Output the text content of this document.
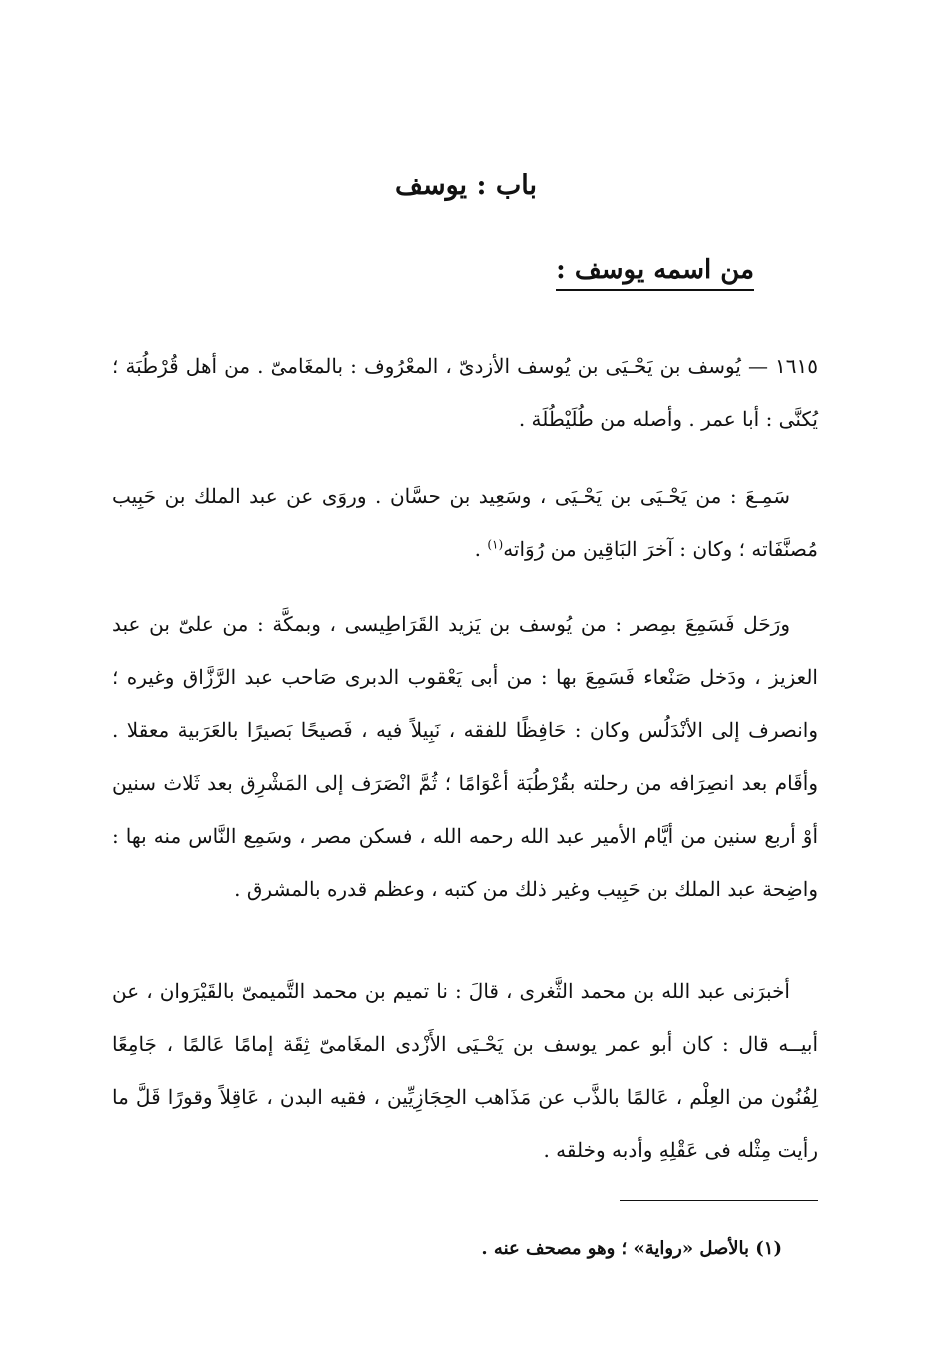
باب : يوسف
من اسمه يوسف :

١٦١٥ — يُوسف بن يَحْـيَى بن يُوسف الأزدىّ ، المعْرُوف : بالمغَامىّ . من أهل قُرْطُبَة ؛ يُكنَّى : أبا عمر . وأصله من طُلَيْطُلَة .

سَمِـعَ : من يَحْـيَى بن يَحْـيَى ، وسَعِيد بن حسَّان . وروَى عن عبد الملك بن حَبِيب مُصنَّفَاته ؛ وكان : آخرَ البَاقِين من رُوَاته$^{(١)}$ .

ورَحَل فَسَمِعَ بمِصر : من يُوسف بن يَزيد القَرَاطِيسى ، وبمكَّة : من علىّ بن عبد العزيز ، ودَخل صَنْعاء فَسَمِعَ بها : من أبى يَعْقوب الدبرى صَاحب عبد الرَّزَّاق وغيره ؛ وانصرف إلى الأنْدَلُس وكان : حَافِظًا للفقه ، نَبِيلاً فيه ، فَصيحًا بَصيرًا بالعَرَبية معقلا . وأقَام بعد انصِرَافه من رحلته بقُرْطُبَة أعْوَامًا ؛ ثُمَّ انْصَرَف إلى المَشْرِق بعد ثَلاث سنين أوْ أربع سنين من أيَّام الأمير عبد الله رحمه الله ، فسكن مصر ، وسَمِع النَّاس منه بها : واضِحة عبد الملك بن حَبِيب وغير ذلك من كتبه ، وعظم قدره بالمشرق .

أخبرَنى عبد الله بن محمد الثَّغرى ، قالَ : نا تميم بن محمد التَّميمىّ بالقَيْرَوان ، عن أبيــه قال : كان أبو عمر يوسف بن يَحْـيَى الأَزْدى المغَامىّ ثِقَة إمامًا عَالمًا ، جَامِعًا لِفُنُون من العِلْم ، عَالمًا بالذَّب عن مَذَاهب الحِجَازِيِّين ، فقيه البدن ، عَاقِلاً وقورًا قَلَّ ما رأيت مِثْله فى عَقْلِهِ وأدبه وخلقه .

(١) بالأصل «رواية» ؛ وهو مصحف عنه .
